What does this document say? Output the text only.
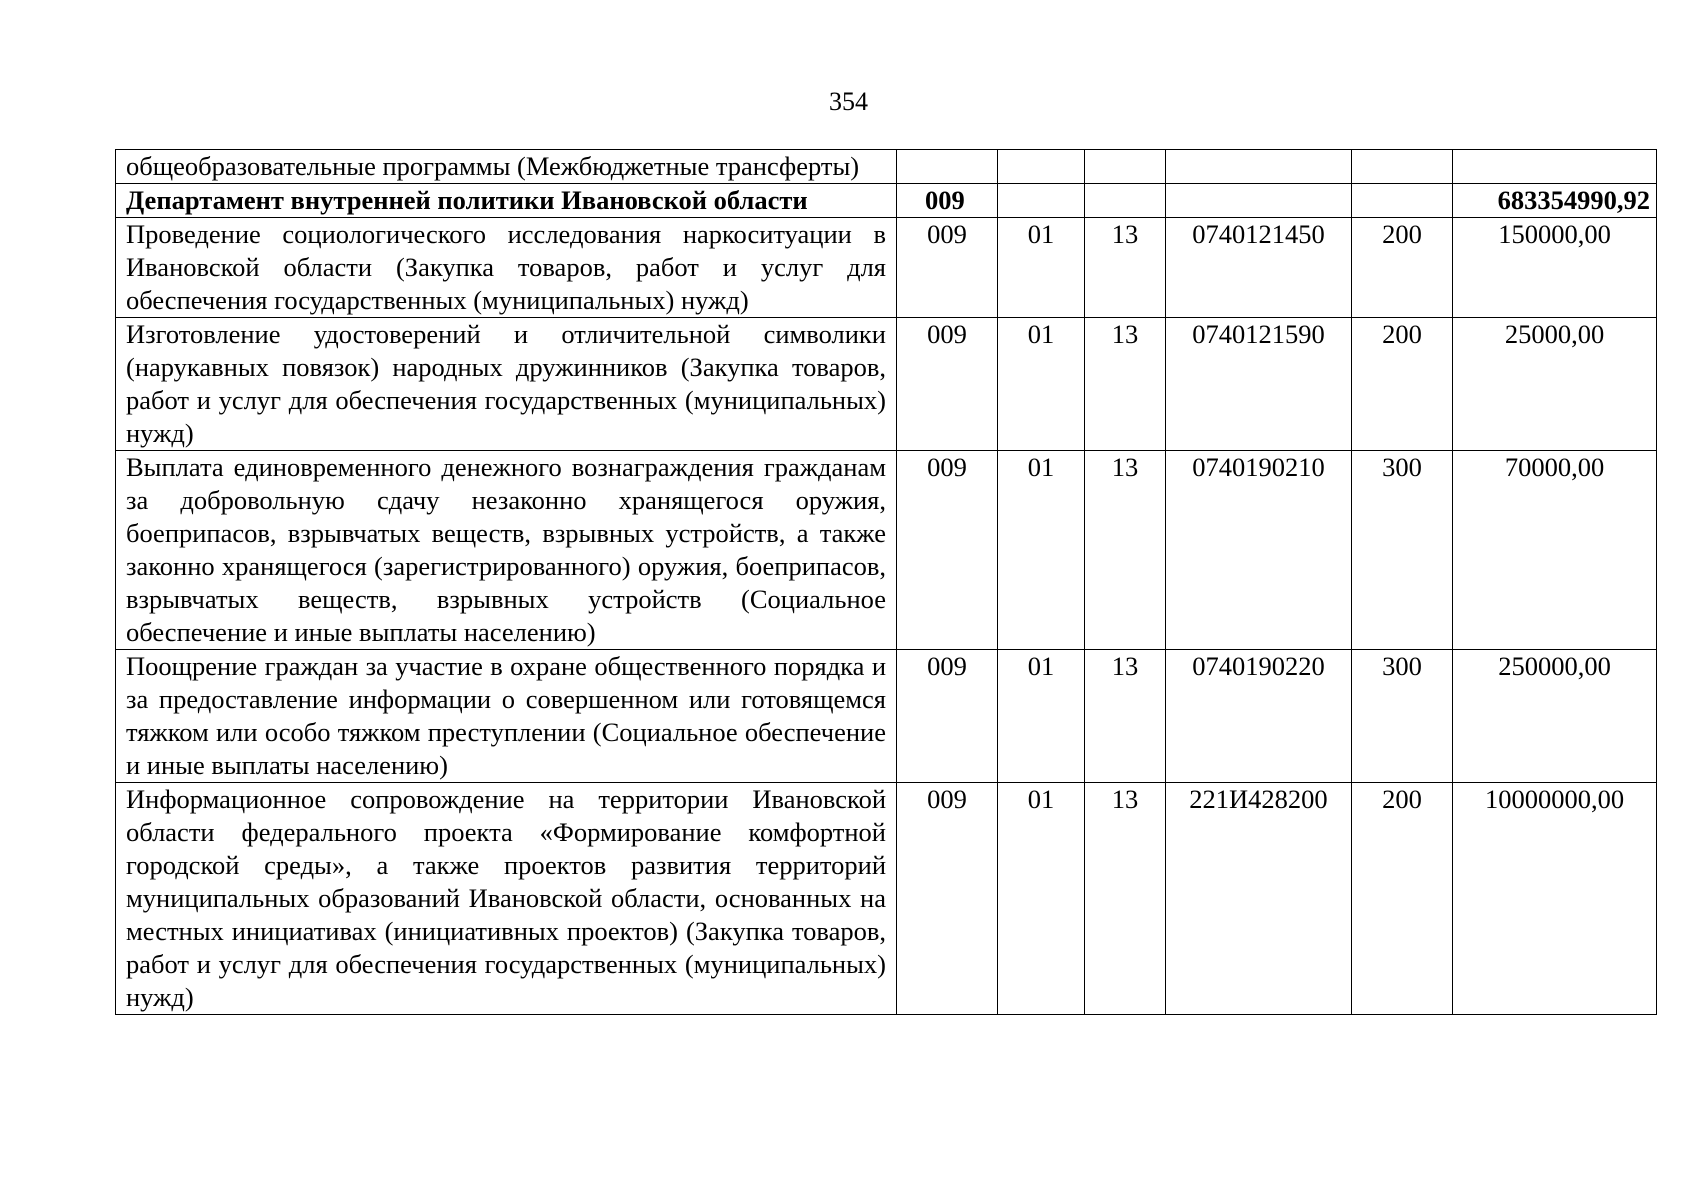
354
общеобразовательные программы (Межбюджетные трансферты)						
Департамент внутренней политики Ивановской области	009					683354990,92
Проведение социологического исследования наркоситуации в Ивановской области (Закупка товаров, работ и услуг для обеспечения государственных (муниципальных) нужд)	009	01	13	0740121450	200	150000,00
Изготовление удостоверений и отличительной символики (нарукавных повязок) народных дружинников (Закупка товаров, работ и услуг для обеспечения государственных (муниципальных) нужд)	009	01	13	0740121590	200	25000,00
Выплата единовременного денежного вознаграждения гражданам за добровольную сдачу незаконно хранящегося оружия, боеприпасов, взрывчатых веществ, взрывных устройств, а также законно хранящегося (зарегистрированного) оружия, боеприпасов, взрывчатых веществ, взрывных устройств (Социальное обеспечение и иные выплаты населению)	009	01	13	0740190210	300	70000,00
Поощрение граждан за участие в охране общественного порядка и за предоставление информации о совершенном или готовящемся тяжком или особо тяжком преступлении (Социальное обеспечение и иные выплаты населению)	009	01	13	0740190220	300	250000,00
Информационное сопровождение на территории Ивановской области федерального проекта «Формирование комфортной городской среды», а также проектов развития территорий муниципальных образований Ивановской области, основанных на местных инициативах (инициативных проектов) (Закупка товаров, работ и услуг для обеспечения государственных (муниципальных) нужд)	009	01	13	221И428200	200	10000000,00
